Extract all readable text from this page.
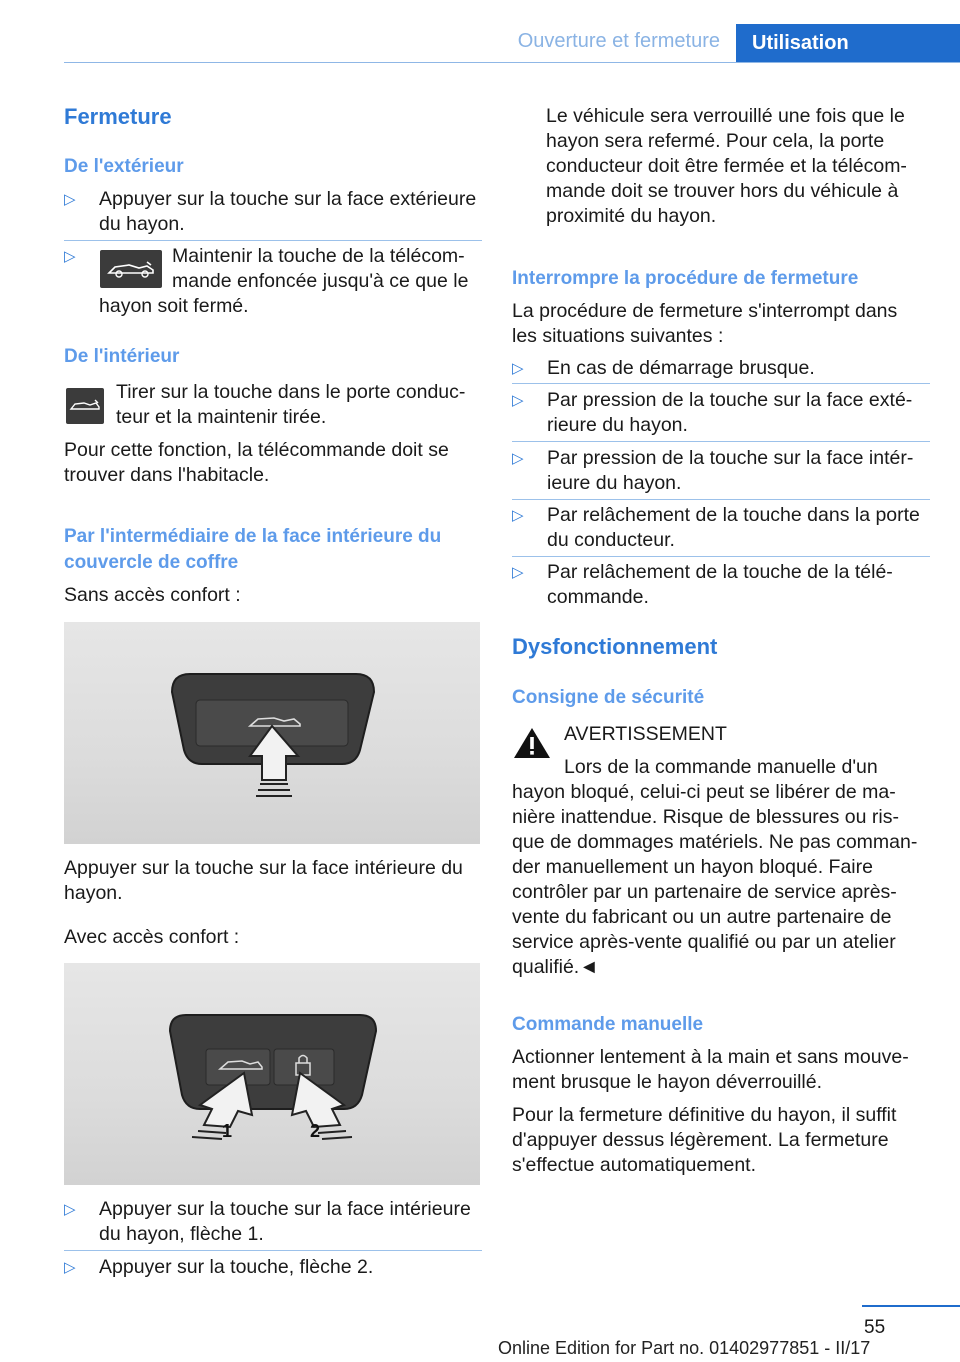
Ouverture et fermeture	Utilisation
Fermeture
De l'extérieur
▷ Appuyer sur la touche sur la face extérieure du hayon.
▷	Maintenir la touche de la télécom-
mande enfoncée jusqu'à ce que le
hayon soit fermé.
De l'intérieur
Tirer sur la touche dans le porte conduc-
teur et la maintenir tirée.
Pour cette fonction, la télécommande doit se trouver dans l'habitacle.
Par l'intermédiaire de la face intérieure du couvercle de coffre
Sans accès confort :
Appuyer sur la touche sur la face intérieure du hayon.
Avec accès confort :
1	2
▷ Appuyer sur la touche sur la face intérieure du hayon, flèche 1.
▷ Appuyer sur la touche, flèche 2.
Le véhicule sera verrouillé une fois que le hayon sera refermé. Pour cela, la porte conducteur doit être fermée et la télécom- mande doit se trouver hors du véhicule à proximité du hayon.
Interrompre la procédure de fermeture
La procédure de fermeture s'interrompt dans les situations suivantes :
▷ En cas de démarrage brusque.
▷ Par pression de la touche sur la face exté- rieure du hayon.
▷ Par pression de la touche sur la face intér- ieure du hayon.
▷ Par relâchement de la touche dans la porte du conducteur.
▷ Par relâchement de la touche de la télé- commande.
Dysfonctionnement
Consigne de sécurité
AVERTISSEMENT
Lors de la commande manuelle d'un
hayon bloqué, celui-ci peut se libérer de ma- nière inattendue. Risque de blessures ou ris- que de dommages matériels. Ne pas comman- der manuellement un hayon bloqué. Faire contrôler par un partenaire de service après- vente du fabricant ou un autre partenaire de service après-vente qualifié ou par un atelier qualifié.◄
Commande manuelle
Actionner lentement à la main et sans mouve- ment brusque le hayon déverrouillé.
Pour la fermeture définitive du hayon, il suffit d'appuyer dessus légèrement. La fermeture s'effectue automatiquement.
55
Online Edition for Part no. 01402977851 - II/17
